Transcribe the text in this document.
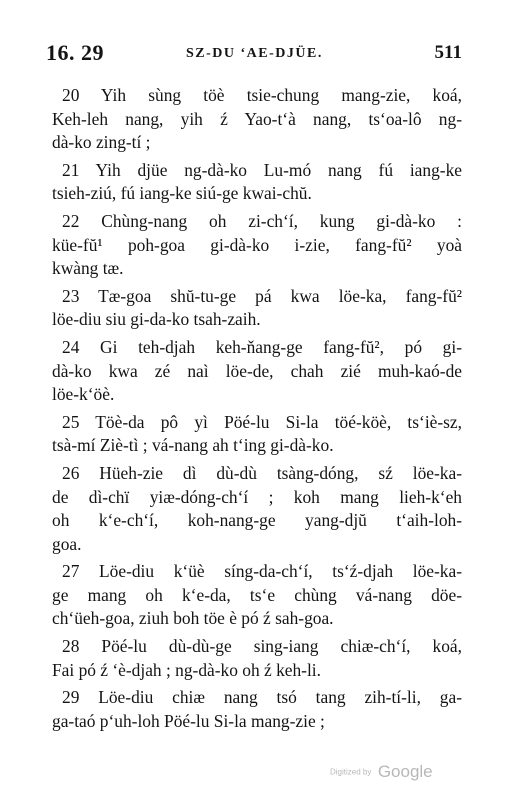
16. 29	SZ-DU ‘AE-DJÜE.	511
20 Yih sùng töè tsie-chung mang-zie, koá,
Keh-leh nang, yih ź Yao-t‘à nang, ts‘oa-lô ng-
dà-ko zing-tí ;
21 Yih djüe ng-dà-ko Lu-mó nang fú iang-ke
tsieh-ziú, fú iang-ke siú-ge kwai-chŭ.
22 Chùng-nang oh zi-ch‘í, kung gi-dà-ko :
küe-fŭ¹ poh-goa gi-dà-ko i-zie, fang-fŭ² yoà
kwàng tæ.
23 Tæ-goa shŭ-tu-ge pá kwa löe-ka, fang-fŭ²
löe-diu siu gi-da-ko tsah-zaih.
24 Gi teh-djah keh-ňang-ge fang-fŭ², pó gi-
dà-ko kwa zé naì löe-de, chah zié muh-kaó-de
löe-k‘öè.
25 Töè-da pô yì Pöé-lu Si-la töé-köè, ts‘iè-sz,
tsà-mí Ziè-tì ; vá-nang ah t‘ing gi-dà-ko.
26 Hüeh-zie dì dù-dù tsàng-dóng, sź löe-ka-
de dì-chï yiæ-dóng-ch‘í ; koh mang lieh-k‘eh
oh k‘e-ch‘í, koh-nang-ge yang-djŭ t‘aih-loh-
goa.
27 Löe-diu k‘üè síng-da-ch‘í, ts‘ź-djah löe-ka-
ge mang oh k‘e-da, ts‘e chùng vá-nang döe-
ch‘üeh-goa, ziuh boh töe è pó ź sah-goa.
28 Pöé-lu dù-dù-ge sing-iang chiæ-ch‘í, koá,
Fai pó ź ‘è-djah ; ng-dà-ko oh ź keh-li.
29 Löe-diu chiæ nang tsó tang zih-tí-li, ga-
ga-taó p‘uh-loh Pöé-lu Si-la mang-zie ;
Digitized by Google
